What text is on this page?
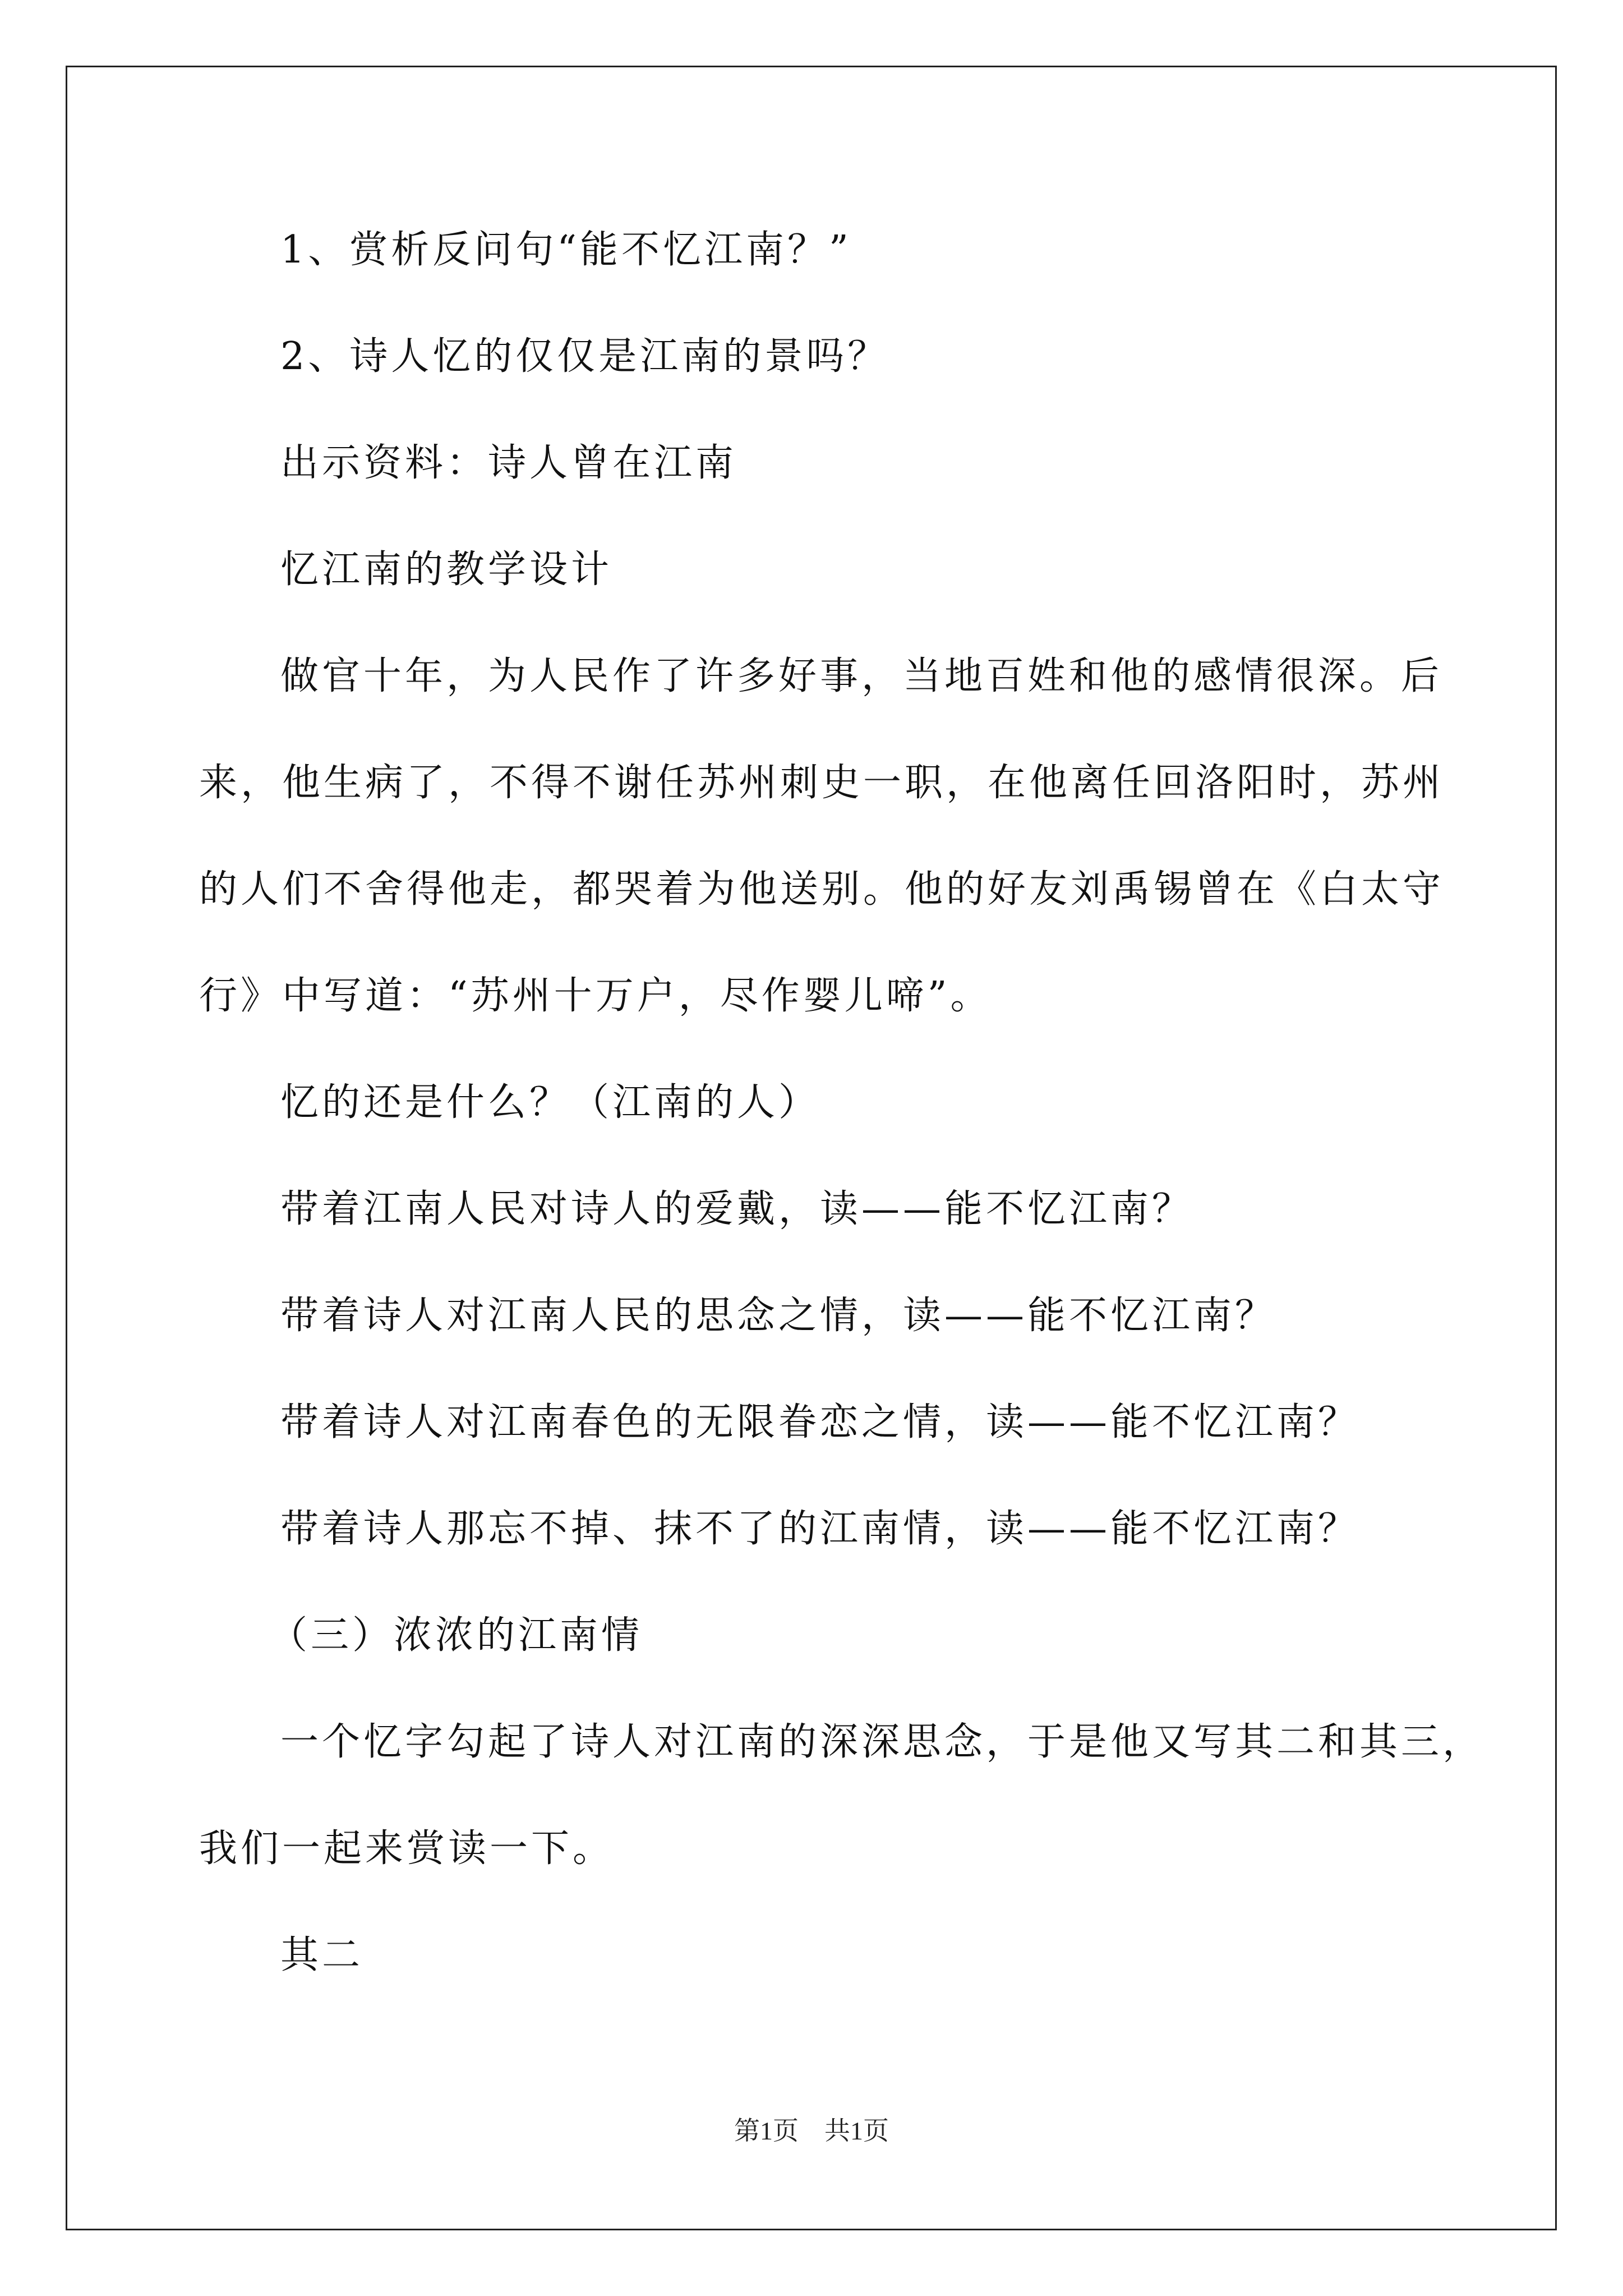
1、赏析反问句“能不忆江南？”

2、诗人忆的仅仅是江南的景吗？

出示资料：诗人曾在江南

忆江南的教学设计

做官十年，为人民作了许多好事，当地百姓和他的感情很深。后

来，他生病了，不得不谢任苏州刺史一职，在他离任回洛阳时，苏州

的人们不舍得他走，都哭着为他送别。他的好友刘禹锡曾在《白太守

行》中写道：“苏州十万户，尽作婴儿啼”。

忆的还是什么？（江南的人）

带着江南人民对诗人的爱戴，读——能不忆江南？

带着诗人对江南人民的思念之情，读——能不忆江南？

带着诗人对江南春色的无限眷恋之情，读——能不忆江南？

带着诗人那忘不掉、抹不了的江南情，读——能不忆江南？

（三）浓浓的江南情

一个忆字勾起了诗人对江南的深深思念，于是他又写其二和其三，

我们一起来赏读一下。

其二

第1页　共1页
